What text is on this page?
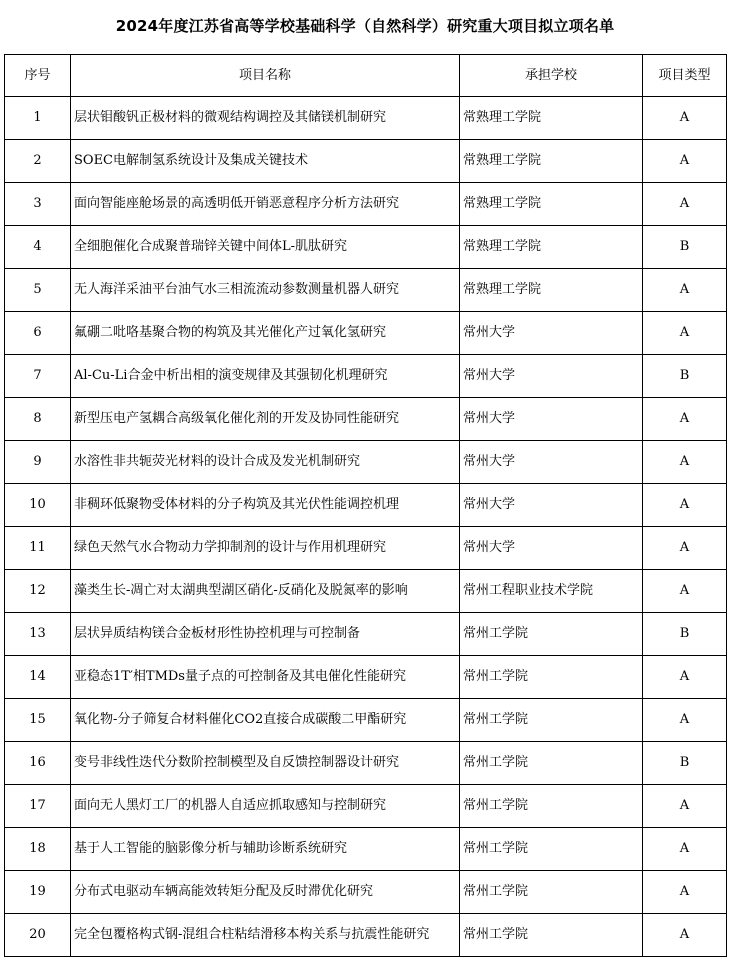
2024年度江苏省高等学校基础科学（自然科学）研究重大项目拟立项名单
序号	项目名称	承担学校	项目类型
1	层状钼酸钒正极材料的微观结构调控及其储镁机制研究	常熟理工学院	A
2	SOEC电解制氢系统设计及集成关键技术	常熟理工学院	A
3	面向智能座舱场景的高透明低开销恶意程序分析方法研究	常熟理工学院	A
4	全细胞催化合成聚普瑞锌关键中间体L-肌肽研究	常熟理工学院	B
5	无人海洋采油平台油气水三相流流动参数测量机器人研究	常熟理工学院	A
6	氟硼二吡咯基聚合物的构筑及其光催化产过氧化氢研究	常州大学	A
7	Al-Cu-Li合金中析出相的演变规律及其强韧化机理研究	常州大学	B
8	新型压电产氢耦合高级氧化催化剂的开发及协同性能研究	常州大学	A
9	水溶性非共轭荧光材料的设计合成及发光机制研究	常州大学	A
10	非稠环低聚物受体材料的分子构筑及其光伏性能调控机理	常州大学	A
11	绿色天然气水合物动力学抑制剂的设计与作用机理研究	常州大学	A
12	藻类生长-凋亡对太湖典型湖区硝化-反硝化及脱氮率的影响	常州工程职业技术学院	A
13	层状异质结构镁合金板材形性协控机理与可控制备	常州工学院	B
14	亚稳态1T′相TMDs量子点的可控制备及其电催化性能研究	常州工学院	A
15	氧化物-分子筛复合材料催化CO2直接合成碳酸二甲酯研究	常州工学院	A
16	变号非线性迭代分数阶控制模型及自反馈控制器设计研究	常州工学院	B
17	面向无人黑灯工厂的机器人自适应抓取感知与控制研究	常州工学院	A
18	基于人工智能的脑影像分析与辅助诊断系统研究	常州工学院	A
19	分布式电驱动车辆高能效转矩分配及反时滞优化研究	常州工学院	A
20	完全包覆格构式钢-混组合柱粘结滑移本构关系与抗震性能研究	常州工学院	A
